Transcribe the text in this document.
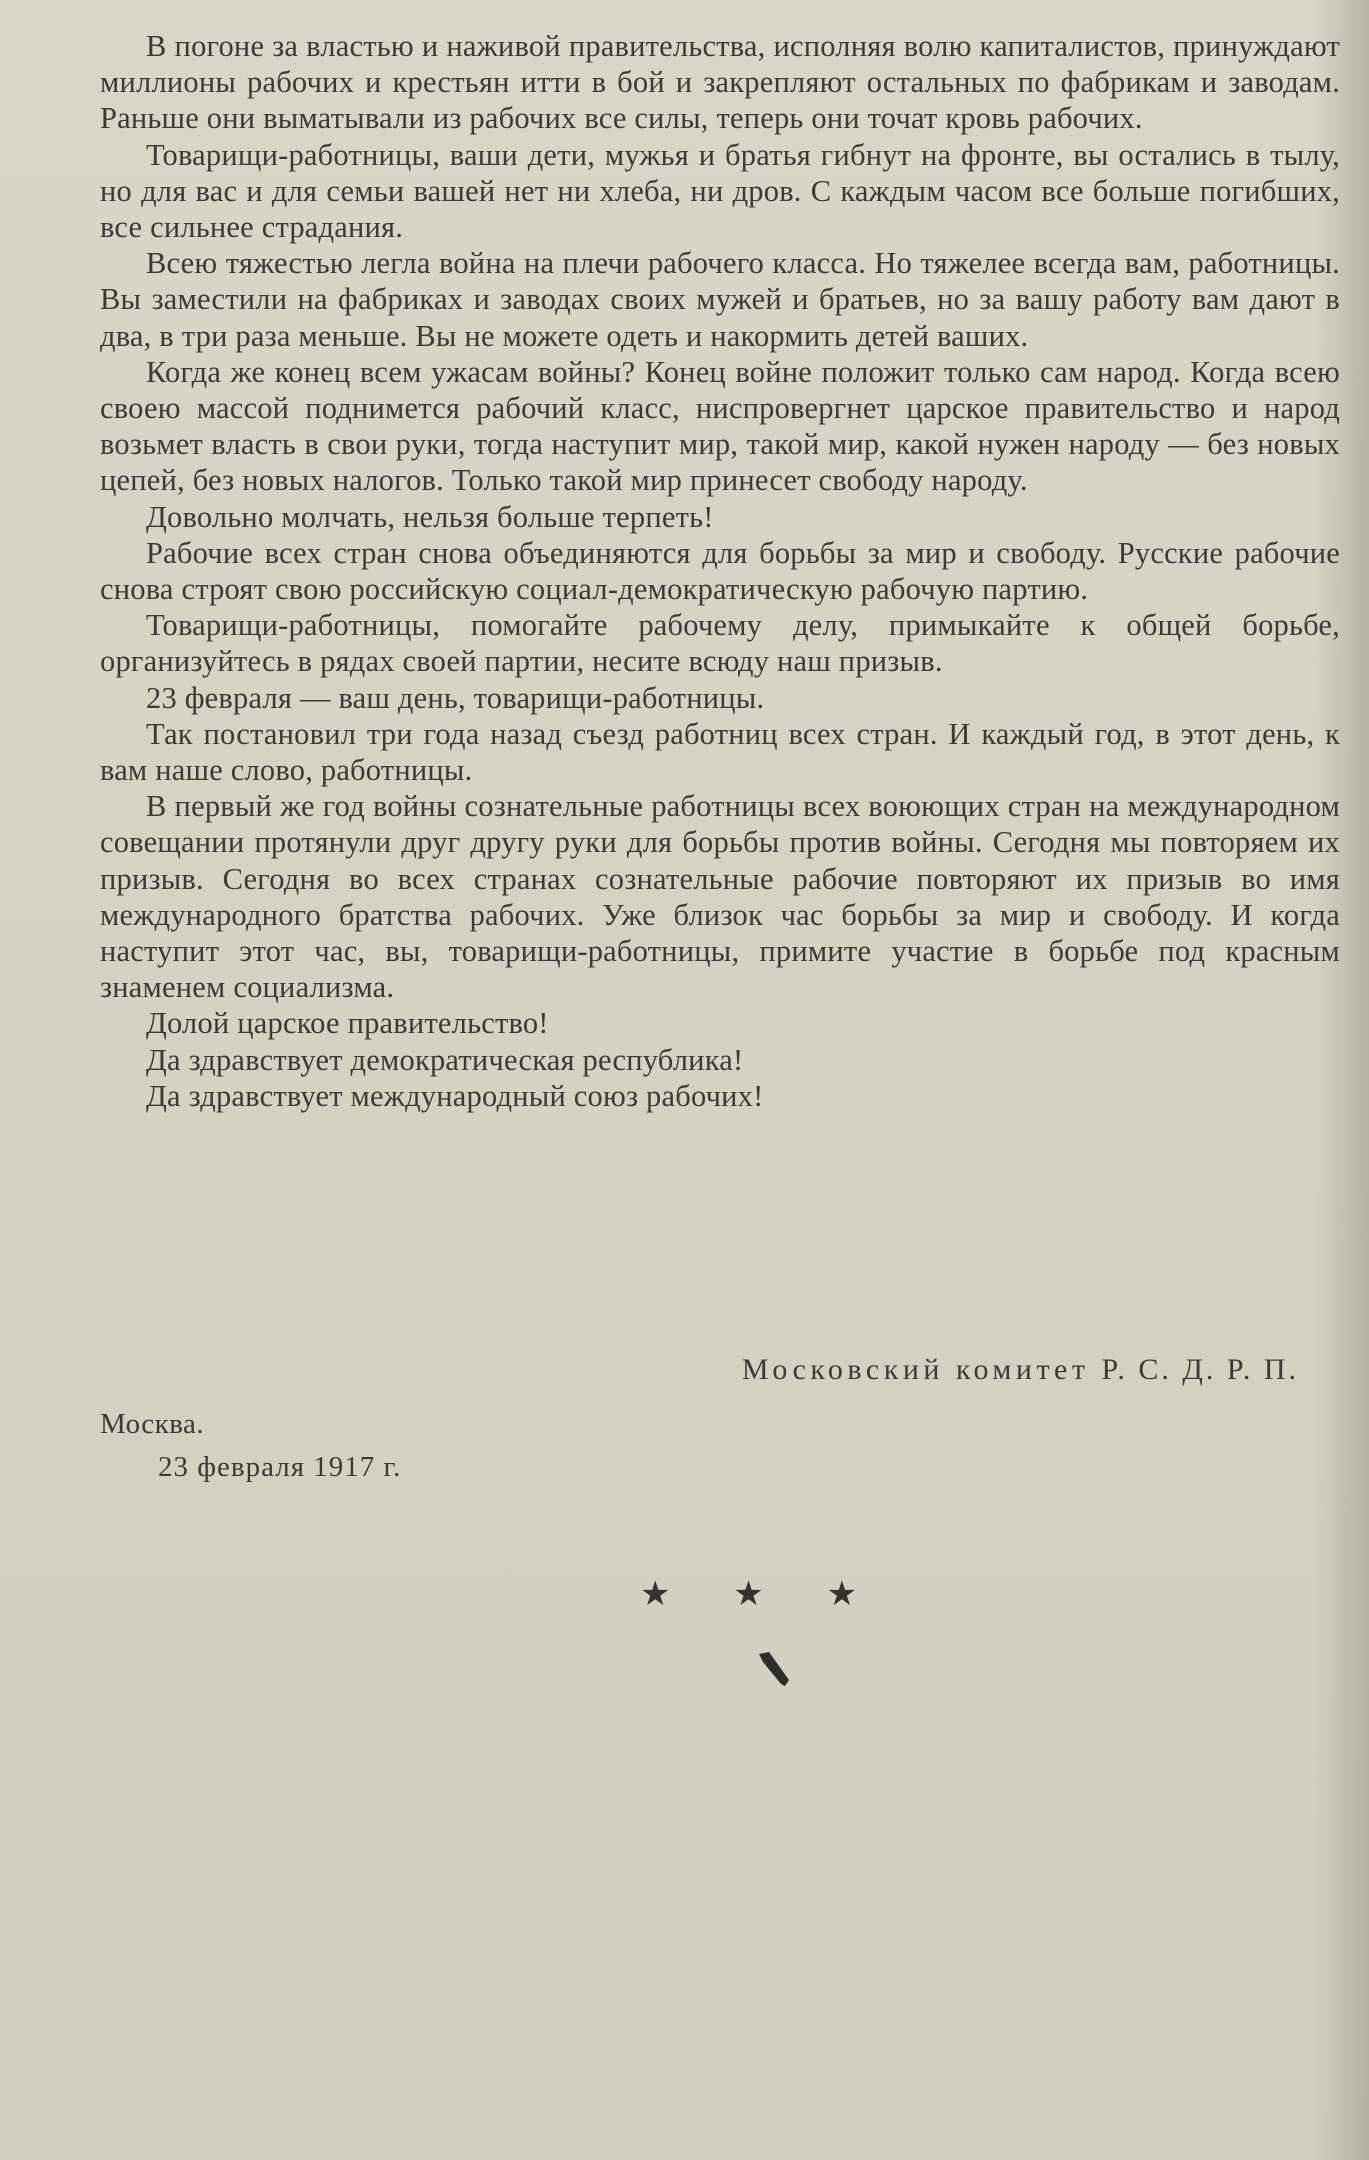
В погоне за властью и наживой правительства, исполняя волю капиталистов, принуждают миллионы рабочих и крестьян итти в бой и закрепляют остальных по фабрикам и заводам. Раньше они выматывали из рабочих все силы, теперь они точат кровь рабочих.

Товарищи-работницы, ваши дети, мужья и братья гибнут на фронте, вы остались в тылу, но для вас и для семьи вашей нет ни хлеба, ни дров. С каждым часом все больше погибших, все сильнее страдания.

Всею тяжестью легла война на плечи рабочего класса. Но тяжелее всегда вам, работницы. Вы заместили на фабриках и заводах своих мужей и братьев, но за вашу работу вам дают в два, в три раза меньше. Вы не можете одеть и накормить детей ваших.

Когда же конец всем ужасам войны? Конец войне положит только сам народ. Когда всею своею массой поднимется рабочий класс, ниспровергнет царское правительство и народ возьмет власть в свои руки, тогда наступит мир, такой мир, какой нужен народу — без новых цепей, без новых налогов. Только такой мир принесет свободу народу.

Довольно молчать, нельзя больше терпеть!

Рабочие всех стран снова объединяются для борьбы за мир и свободу. Русские рабочие снова строят свою российскую социал-демократическую рабочую партию.

Товарищи-работницы, помогайте рабочему делу, примыкайте к общей борьбе, организуйтесь в рядах своей партии, несите всюду наш призыв.

23 февраля — ваш день, товарищи-работницы.

Так постановил три года назад съезд работниц всех стран. И каждый год, в этот день, к вам наше слово, работницы.

В первый же год войны сознательные работницы всех воюющих стран на международном совещании протянули друг другу руки для борьбы против войны. Сегодня мы повторяем их призыв. Сегодня во всех странах сознательные рабочие повторяют их призыв во имя международного братства рабочих. Уже близок час борьбы за мир и свободу. И когда наступит этот час, вы, товарищи-работницы, примите участие в борьбе под красным знаменем социализма.

Долой царское правительство!

Да здравствует демократическая республика!

Да здравствует международный союз рабочих!

Московский комитет Р. С. Д. Р. П.
Москва.
23 февраля 1917 г.
★ ★ ★
